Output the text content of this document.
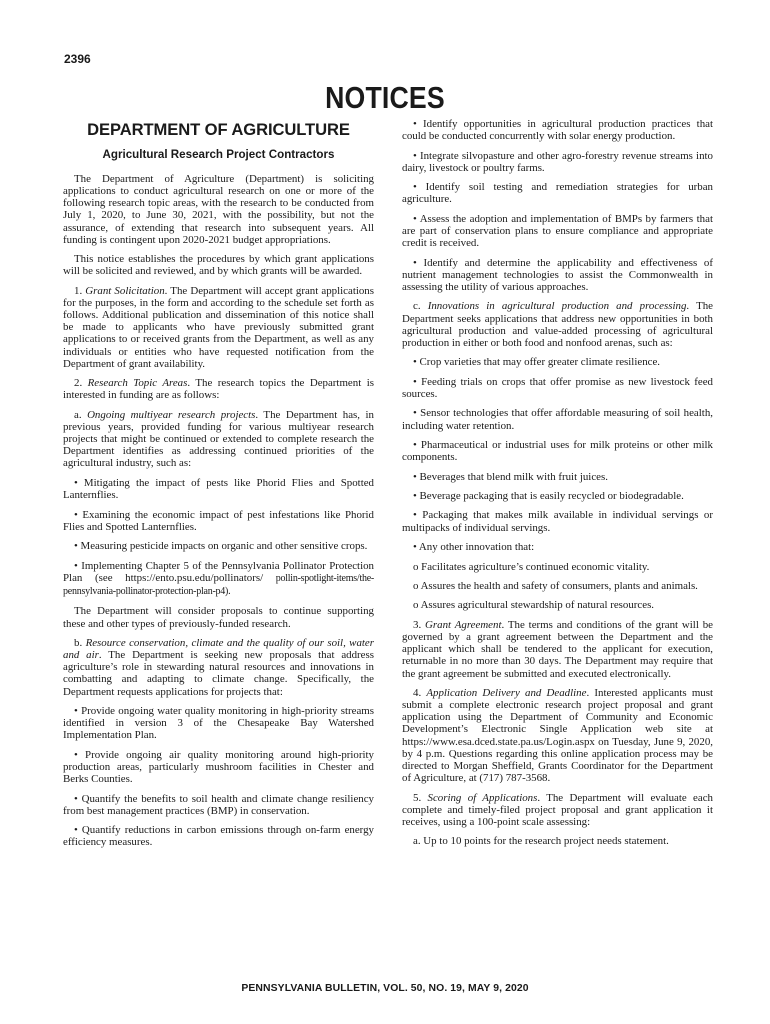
2396
NOTICES
DEPARTMENT OF AGRICULTURE
Agricultural Research Project Contractors

The Department of Agriculture (Department) is soliciting applications to conduct agricultural research on one or more of the following research topic areas, with the research to be conducted from July 1, 2020, to June 30, 2021, with the possibility, but not the assurance, of extending that research into subsequent years. All funding is contingent upon 2020-2021 budget appropriations.

This notice establishes the procedures by which grant applications will be solicited and reviewed, and by which grants will be awarded.

1. Grant Solicitation. The Department will accept grant applications for the purposes, in the form and according to the schedule set forth as follows. Additional publication and dissemination of this notice shall be made to applicants who have previously submitted grant applications to or received grants from the Department, as well as any individuals or entities who have requested notification from the Department of grant availability.

2. Research Topic Areas. The research topics the Department is interested in funding are as follows:

a. Ongoing multiyear research projects. The Department has, in previous years, provided funding for various multiyear research projects that might be continued or extended to complete research the Department identifies as addressing continued priorities of the agricultural industry, such as:

• Mitigating the impact of pests like Phorid Flies and Spotted Lanternflies.

• Examining the economic impact of pest infestations like Phorid Flies and Spotted Lanternflies.

• Measuring pesticide impacts on organic and other sensitive crops.

• Implementing Chapter 5 of the Pennsylvania Pollinator Protection Plan (see https://ento.psu.edu/pollinators/ pollin-spotlight-items/the-pennsylvania-pollinator-protection-plan-p4).

The Department will consider proposals to continue supporting these and other types of previously-funded research.

b. Resource conservation, climate and the quality of our soil, water and air. The Department is seeking new proposals that address agriculture’s role in stewarding natural resources and innovations in combatting and adapting to climate change. Specifically, the Department requests applications for projects that:

• Provide ongoing water quality monitoring in high-priority streams identified in version 3 of the Chesapeake Bay Watershed Implementation Plan.

• Provide ongoing air quality monitoring around high-priority production areas, particularly mushroom facilities in Chester and Berks Counties.

• Quantify the benefits to soil health and climate change resiliency from best management practices (BMP) in conservation.

• Quantify reductions in carbon emissions through on-farm energy efficiency measures.

• Identify opportunities in agricultural production practices that could be conducted concurrently with solar energy production.

• Integrate silvopasture and other agro-forestry revenue streams into dairy, livestock or poultry farms.

• Identify soil testing and remediation strategies for urban agriculture.

• Assess the adoption and implementation of BMPs by farmers that are part of conservation plans to ensure compliance and appropriate credit is received.

• Identify and determine the applicability and effectiveness of nutrient management technologies to assist the Commonwealth in assessing the utility of various approaches.

c. Innovations in agricultural production and processing. The Department seeks applications that address new opportunities in both agricultural production and value-added processing of agricultural production in either or both food and nonfood arenas, such as:

• Crop varieties that may offer greater climate resilience.

• Feeding trials on crops that offer promise as new livestock feed sources.

• Sensor technologies that offer affordable measuring of soil health, including water retention.

• Pharmaceutical or industrial uses for milk proteins or other milk components.

• Beverages that blend milk with fruit juices.

• Beverage packaging that is easily recycled or biodegradable.

• Packaging that makes milk available in individual servings or multipacks of individual servings.

• Any other innovation that:

o Facilitates agriculture’s continued economic vitality.

o Assures the health and safety of consumers, plants and animals.

o Assures agricultural stewardship of natural resources.

3. Grant Agreement. The terms and conditions of the grant will be governed by a grant agreement between the Department and the applicant which shall be tendered to the applicant for execution, returnable in no more than 30 days. The Department may require that the grant agreement be submitted and executed electronically.

4. Application Delivery and Deadline. Interested applicants must submit a complete electronic research project proposal and grant application using the Department of Community and Economic Development’s Electronic Single Application web site at https://www.esa.dced.state.pa.us/Login.aspx on Tuesday, June 9, 2020, by 4 p.m. Questions regarding this online application process may be directed to Morgan Sheffield, Grants Coordinator for the Department of Agriculture, at (717) 787-3568.

5. Scoring of Applications. The Department will evaluate each complete and timely-filed project proposal and grant application it receives, using a 100-point scale assessing:

a. Up to 10 points for the research project needs statement.

PENNSYLVANIA BULLETIN, VOL. 50, NO. 19, MAY 9, 2020
